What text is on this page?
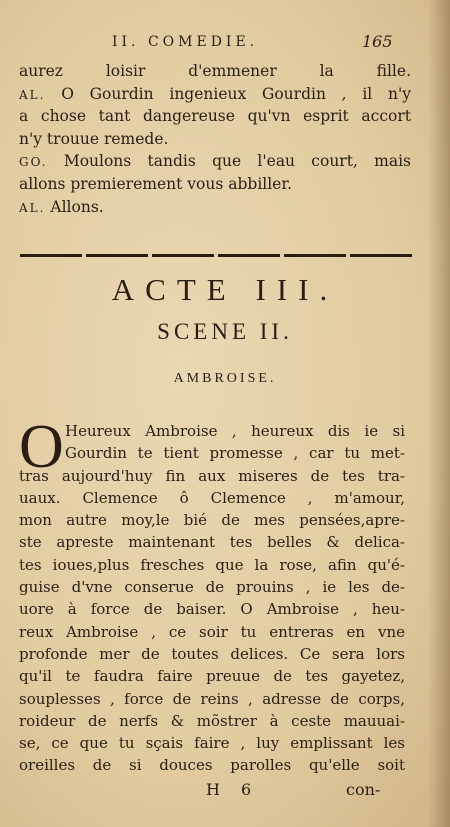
II. COMEDIE.	165
aurez loisir d'emmener la fille.
AL. O Gourdin ingenieux Gourdin , il n'y
a chose tant dangereuse qu'vn esprit accort
n'y trouue remede.
GO. Moulons tandis que l'eau court, mais
allons premierement vous abbiller.
AL. Allons.
ACTE III.
SCENE II.
AMBROISE.
O Heureux Ambroise , heureux dis ie si
Gourdin te tient promesse , car tu met-
tras aujourd'huy fin aux miseres de tes tra-
uaux. Clemence ô Clemence , m'amour,
mon autre moy,le bié de mes pensées,apre-
ste apreste maintenant tes belles & delica-
tes ioues,plus fresches que la rose, afin qu'é-
guise d'vne conserue de prouins , ie les de-
uore à force de baiser. O Ambroise , heu-
reux Ambroise , ce soir tu entreras en vne
profonde mer de toutes delices. Ce sera lors
qu'il te faudra faire preuue de tes gayetez,
souplesses , force de reins , adresse de corps,
roideur de nerfs & mõstrer à ceste mauuai-
se, ce que tu sçais faire , luy emplissant les
oreilles de si douces parolles qu'elle soit
H 6	con-
